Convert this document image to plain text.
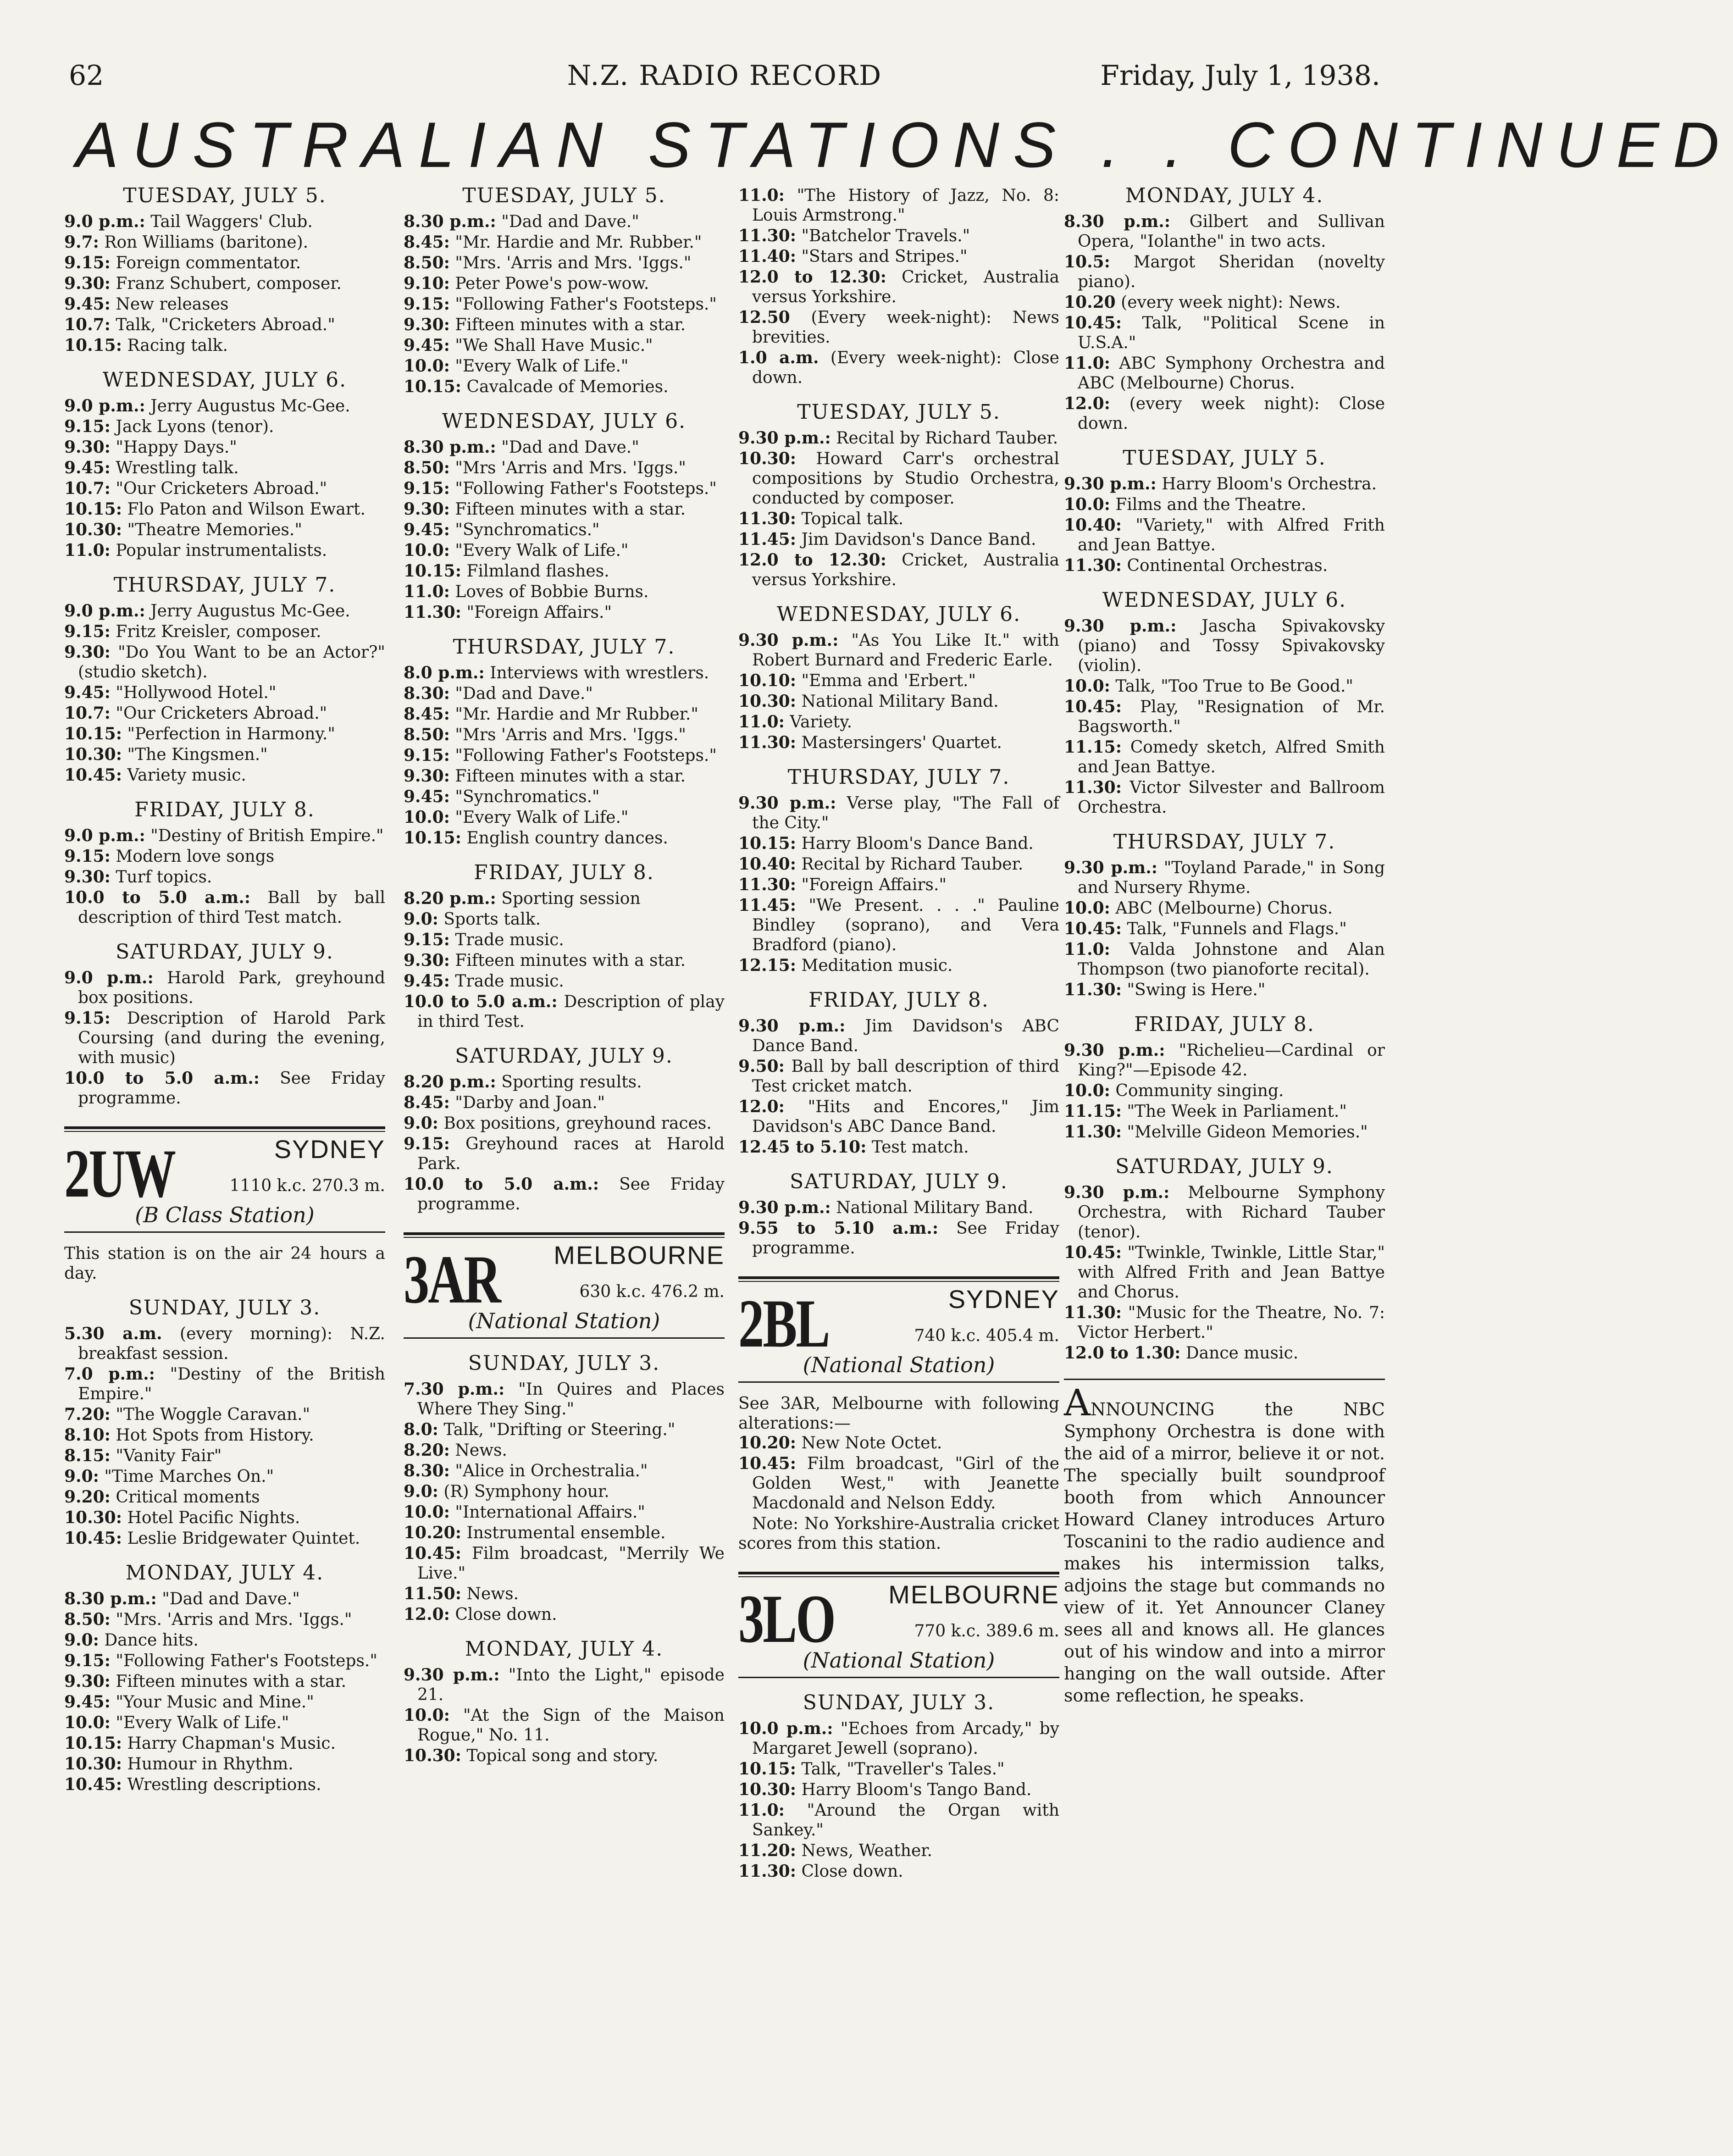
62	N.Z. RADIO RECORD	Friday, July 1, 1938.
AUSTRALIAN STATIONS . . CONTINUED
TUESDAY, JULY 5.
9.0 p.m.: Tail Waggers' Club.
9.7: Ron Williams (baritone).
9.15: Foreign commentator.
9.30: Franz Schubert, composer.
9.45: New releases
10.7: Talk, "Cricketers Abroad."
10.15: Racing talk.
WEDNESDAY, JULY 6.
9.0 p.m.: Jerry Augustus Mc-Gee.
9.15: Jack Lyons (tenor).
9.30: "Happy Days."
9.45: Wrestling talk.
10.7: "Our Cricketers Abroad."
10.15: Flo Paton and Wilson Ewart.
10.30: "Theatre Memories."
11.0: Popular instrumentalists.
THURSDAY, JULY 7.
9.0 p.m.: Jerry Augustus Mc-Gee.
9.15: Fritz Kreisler, composer.
9.30: "Do You Want to be an Actor?" (studio sketch).
9.45: "Hollywood Hotel."
10.7: "Our Cricketers Abroad."
10.15: "Perfection in Harmony."
10.30: "The Kingsmen."
10.45: Variety music.
FRIDAY, JULY 8.
9.0 p.m.: "Destiny of British Empire."
9.15: Modern love songs
9.30: Turf topics.
10.0 to 5.0 a.m.: Ball by ball description of third Test match.
SATURDAY, JULY 9.
9.0 p.m.: Harold Park, greyhound box positions.
9.15: Description of Harold Park Coursing (and during the evening, with music)
10.0 to 5.0 a.m.: See Friday programme.
2UW	SYDNEY
1110 k.c. 270.3 m.
(B Class Station)
This station is on the air 24 hours a day.
SUNDAY, JULY 3.
5.30 a.m. (every morning): N.Z. breakfast session.
7.0 p.m.: "Destiny of the British Empire."
7.20: "The Woggle Caravan."
8.10: Hot Spots from History.
8.15: "Vanity Fair"
9.0: "Time Marches On."
9.20: Critical moments
10.30: Hotel Pacific Nights.
10.45: Leslie Bridgewater Quintet.
MONDAY, JULY 4.
8.30 p.m.: "Dad and Dave."
8.50: "Mrs. 'Arris and Mrs. 'Iggs."
9.0: Dance hits.
9.15: "Following Father's Footsteps."
9.30: Fifteen minutes with a star.
9.45: "Your Music and Mine."
10.0: "Every Walk of Life."
10.15: Harry Chapman's Music.
10.30: Humour in Rhythm.
10.45: Wrestling descriptions.
TUESDAY, JULY 5.
8.30 p.m.: "Dad and Dave."
8.45: "Mr. Hardie and Mr. Rubber."
8.50: "Mrs. 'Arris and Mrs. 'Iggs."
9.10: Peter Powe's pow-wow.
9.15: "Following Father's Footsteps."
9.30: Fifteen minutes with a star.
9.45: "We Shall Have Music."
10.0: "Every Walk of Life."
10.15: Cavalcade of Memories.
WEDNESDAY, JULY 6.
8.30 p.m.: "Dad and Dave."
8.50: "Mrs 'Arris and Mrs. 'Iggs."
9.15: "Following Father's Footsteps."
9.30: Fifteen minutes with a star.
9.45: "Synchromatics."
10.0: "Every Walk of Life."
10.15: Filmland flashes.
11.0: Loves of Bobbie Burns.
11.30: "Foreign Affairs."
THURSDAY, JULY 7.
8.0 p.m.: Interviews with wrestlers.
8.30: "Dad and Dave."
8.45: "Mr. Hardie and Mr Rubber."
8.50: "Mrs 'Arris and Mrs. 'Iggs."
9.15: "Following Father's Footsteps."
9.30: Fifteen minutes with a star.
9.45: "Synchromatics."
10.0: "Every Walk of Life."
10.15: English country dances.
FRIDAY, JULY 8.
8.20 p.m.: Sporting session
9.0: Sports talk.
9.15: Trade music.
9.30: Fifteen minutes with a star.
9.45: Trade music.
10.0 to 5.0 a.m.: Description of play in third Test.
SATURDAY, JULY 9.
8.20 p.m.: Sporting results.
8.45: "Darby and Joan."
9.0: Box positions, greyhound races.
9.15: Greyhound races at Harold Park.
10.0 to 5.0 a.m.: See Friday programme.
3AR MELBOURNE
630 k.c. 476.2 m.
(National Station)
SUNDAY, JULY 3.
7.30 p.m.: "In Quires and Places Where They Sing."
8.0: Talk, "Drifting or Steering."
8.20: News.
8.30: "Alice in Orchestralia."
9.0: (R) Symphony hour.
10.0: "International Affairs."
10.20: Instrumental ensemble.
10.45: Film broadcast, "Merrily We Live."
11.50: News.
12.0: Close down.
MONDAY, JULY 4.
9.30 p.m.: "Into the Light," episode 21.
10.0: "At the Sign of the Maison Rogue," No. 11.
10.30: Topical song and story.
11.0: "The History of Jazz, No. 8: Louis Armstrong."
11.30: "Batchelor Travels."
11.40: "Stars and Stripes."
12.0 to 12.30: Cricket, Australia versus Yorkshire.
12.50 (Every week-night): News brevities.
1.0 a.m. (Every week-night): Close down.
TUESDAY, JULY 5.
9.30 p.m.: Recital by Richard Tauber.
10.30: Howard Carr's orchestral compositions by Studio Orchestra, conducted by composer.
11.30: Topical talk.
11.45: Jim Davidson's Dance Band.
12.0 to 12.30: Cricket, Australia versus Yorkshire.
WEDNESDAY, JULY 6.
9.30 p.m.: "As You Like It." with Robert Burnard and Frederic Earle.
10.10: "Emma and 'Erbert."
10.30: National Military Band.
11.0: Variety.
11.30: Mastersingers' Quartet.
THURSDAY, JULY 7.
9.30 p.m.: Verse play, "The Fall of the City."
10.15: Harry Bloom's Dance Band.
10.40: Recital by Richard Tauber.
11.30: "Foreign Affairs."
11.45: "We Present. . . ." Pauline Bindley (soprano), and Vera Bradford (piano).
12.15: Meditation music.
FRIDAY, JULY 8.
9.30 p.m.: Jim Davidson's ABC Dance Band.
9.50: Ball by ball description of third Test cricket match.
12.0: "Hits and Encores," Jim Davidson's ABC Dance Band.
12.45 to 5.10: Test match.
SATURDAY, JULY 9.
9.30 p.m.: National Military Band.
9.55 to 5.10 a.m.: See Friday programme.
2BL	SYDNEY
740 k.c. 405.4 m.
(National Station)
See 3AR, Melbourne with following alterations:—
10.20: New Note Octet.
10.45: Film broadcast, "Girl of the Golden West," with Jeanette Macdonald and Nelson Eddy.
Note: No Yorkshire-Australia cricket scores from this station.
3LO MELBOURNE
770 k.c. 389.6 m.
(National Station)
SUNDAY, JULY 3.
10.0 p.m.: "Echoes from Arcady," by Margaret Jewell (soprano).
10.15: Talk, "Traveller's Tales."
10.30: Harry Bloom's Tango Band.
11.0: "Around the Organ with Sankey."
11.20: News, Weather.
11.30: Close down.
MONDAY, JULY 4.
8.30 p.m.: Gilbert and Sullivan Opera, "Iolanthe" in two acts.
10.5: Margot Sheridan (novelty piano).
10.20 (every week night): News.
10.45: Talk, "Political Scene in U.S.A."
11.0: ABC Symphony Orchestra and ABC (Melbourne) Chorus.
12.0: (every week night): Close down.
TUESDAY, JULY 5.
9.30 p.m.: Harry Bloom's Orchestra.
10.0: Films and the Theatre.
10.40: "Variety," with Alfred Frith and Jean Battye.
11.30: Continental Orchestras.
WEDNESDAY, JULY 6.
9.30 p.m.: Jascha Spivakovsky (piano) and Tossy Spivakovsky (violin).
10.0: Talk, "Too True to Be Good."
10.45: Play, "Resignation of Mr. Bagsworth."
11.15: Comedy sketch, Alfred Smith and Jean Battye.
11.30: Victor Silvester and Ballroom Orchestra.
THURSDAY, JULY 7.
9.30 p.m.: "Toyland Parade," in Song and Nursery Rhyme.
10.0: ABC (Melbourne) Chorus.
10.45: Talk, "Funnels and Flags."
11.0: Valda Johnstone and Alan Thompson (two pianoforte recital).
11.30: "Swing is Here."
FRIDAY, JULY 8.
9.30 p.m.: "Richelieu—Cardinal or King?"—Episode 42.
10.0: Community singing.
11.15: "The Week in Parliament."
11.30: "Melville Gideon Memories."
SATURDAY, JULY 9.
9.30 p.m.: Melbourne Symphony Orchestra, with Richard Tauber (tenor).
10.45: "Twinkle, Twinkle, Little Star," with Alfred Frith and Jean Battye and Chorus.
11.30: "Music for the Theatre, No. 7: Victor Herbert."
12.0 to 1.30: Dance music.
ANNOUNCING the NBC Symphony Orchestra is done with the aid of a mirror, believe it or not. The specially built soundproof booth from which Announcer Howard Claney introduces Arturo Toscanini to the radio audience and makes his intermission talks, adjoins the stage but commands no view of it. Yet Announcer Claney sees all and knows all. He glances out of his window and into a mirror hanging on the wall outside. After some reflection, he speaks.
